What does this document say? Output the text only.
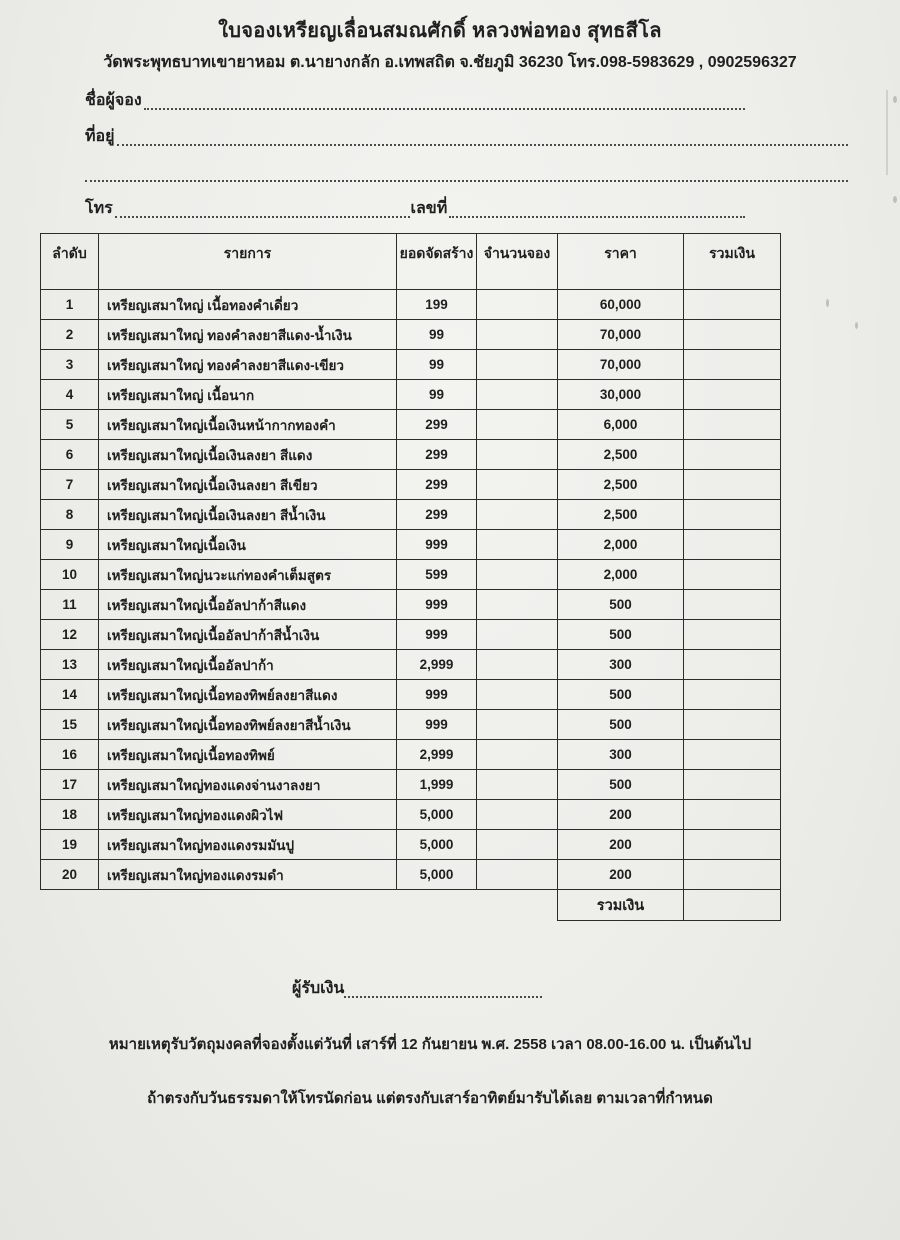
ใบจองเหรียญเลื่อนสมณศักดิ์ หลวงพ่อทอง สุทธสีโล
วัดพระพุทธบาทเขายาหอม ต.นายางกลัก อ.เทพสถิต จ.ชัยภูมิ 36230 โทร.098-5983629 , 0902596327
ชื่อผู้จอง
ที่อยู่
โทร	เลขที่
ลำดับ	รายการ	ยอดจัดสร้าง	จำนวนจอง	ราคา	รวมเงิน
1	เหรียญเสมาใหญ่ เนื้อทองคำเดี่ยว	199		60,000	
2	เหรียญเสมาใหญ่ ทองคำลงยาสีแดง-น้ำเงิน	99		70,000	
3	เหรียญเสมาใหญ่ ทองคำลงยาสีแดง-เขียว	99		70,000	
4	เหรียญเสมาใหญ่ เนื้อนาก	99		30,000	
5	เหรียญเสมาใหญ่เนื้อเงินหน้ากากทองคำ	299		6,000	
6	เหรียญเสมาใหญ่เนื้อเงินลงยา สีแดง	299		2,500	
7	เหรียญเสมาใหญ่เนื้อเงินลงยา สีเขียว	299		2,500	
8	เหรียญเสมาใหญ่เนื้อเงินลงยา สีน้ำเงิน	299		2,500	
9	เหรียญเสมาใหญ่เนื้อเงิน	999		2,000	
10	เหรียญเสมาใหญ่นวะแก่ทองคำเต็มสูตร	599		2,000	
11	เหรียญเสมาใหญ่เนื้ออัลปาก้าสีแดง	999		500	
12	เหรียญเสมาใหญ่เนื้ออัลปาก้าสีน้ำเงิน	999		500	
13	เหรียญเสมาใหญ่เนื้ออัลปาก้า	2,999		300	
14	เหรียญเสมาใหญ่เนื้อทองทิพย์ลงยาสีแดง	999		500	
15	เหรียญเสมาใหญ่เนื้อทองทิพย์ลงยาสีน้ำเงิน	999		500	
16	เหรียญเสมาใหญ่เนื้อทองทิพย์	2,999		300	
17	เหรียญเสมาใหญ่ทองแดงจ่านงาลงยา	1,999		500	
18	เหรียญเสมาใหญ่ทองแดงผิวไฟ	5,000		200	
19	เหรียญเสมาใหญ่ทองแดงรมมันปู	5,000		200	
20	เหรียญเสมาใหญ่ทองแดงรมดำ	5,000		200	
				รวมเงิน	
ผู้รับเงิน
หมายเหตุรับวัตถุมงคลที่จองตั้งแต่วันที่ เสาร์ที่ 12 กันยายน พ.ศ. 2558 เวลา 08.00-16.00 น. เป็นต้นไป
ถ้าตรงกับวันธรรมดาให้โทรนัดก่อน แต่ตรงกับเสาร์อาทิตย์มารับได้เลย ตามเวลาที่กำหนด
